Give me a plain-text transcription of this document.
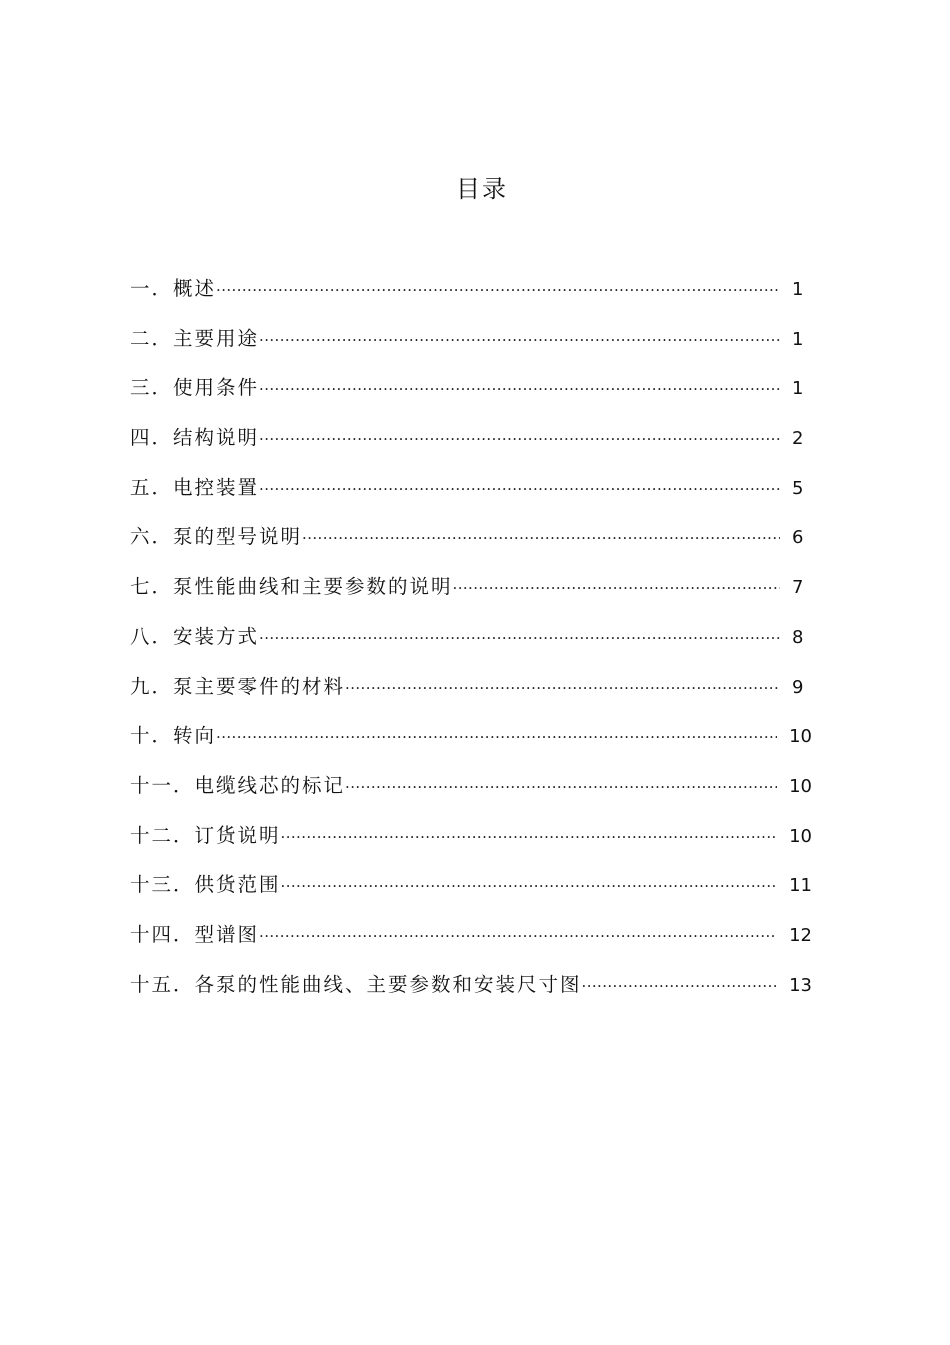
目录
一． 概述 ·····	1
二． 主要用途 ·····	1
三． 使用条件 ·····	1
四． 结构说明 ·····	2
五． 电控装置 ·····	5
六． 泵的型号说明 ·····	6
七． 泵性能曲线和主要参数的说明 ·····	7
八． 安装方式 ·····	8
九． 泵主要零件的材料 ·····	9
十． 转向 ·····	10
十一． 电缆线芯的标记 ·····	10
十二． 订货说明 ·····	10
十三． 供货范围 ·····	11
十四． 型谱图 ·····	12
十五． 各泵的性能曲线、主要参数和安装尺寸图 ·····	13
